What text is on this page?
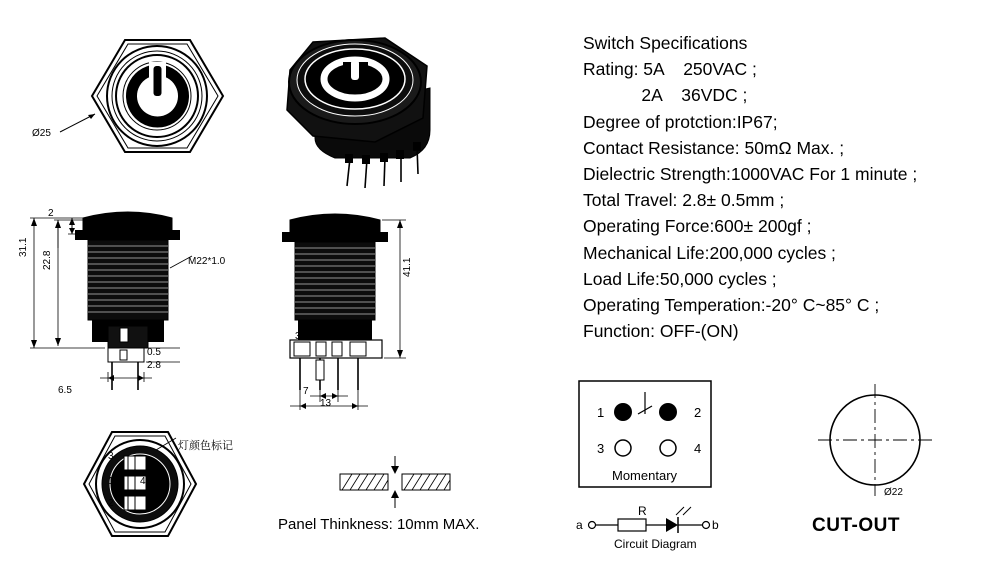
Ø25
31.1
22.8
2
M22*1.0
0.5
2.8
6.5
41.1
3 1 2 4
7
13
3
1
2
4
灯颜色标记
Panel Thinkness: 10mm MAX.
1	2
3	4
Momentary
a	b
R
Circuit Diagram
Ø22
CUT-OUT
Switch Specifications
Rating: 5A    250VAC ;
2A    36VDC ;
Degree of protction:IP67;
Contact Resistance: 50mΩ Max. ;
Dielectric Strength:1000VAC For 1 minute ;
Total Travel: 2.8± 0.5mm ;
Operating Force:600± 200gf ;
Mechanical Life:200,000 cycles ;
Load Life:50,000 cycles ;
Operating Temperation:-20° C~85° C ;
Function: OFF-(ON)
